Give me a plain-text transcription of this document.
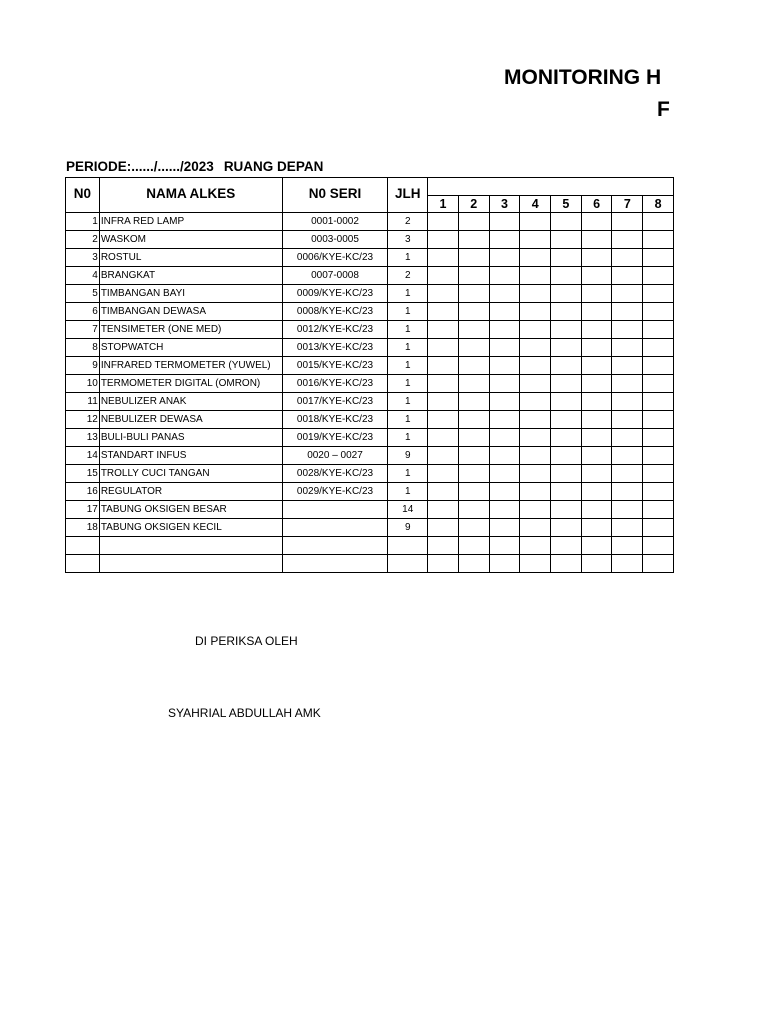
MONITORING H
F
PERIODE:....../....../2023 RUANG DEPAN
N0	NAMA ALKES	N0 SERI	JLH								
				1	2	3	4	5	6	7	8
1	INFRA RED LAMP	0001-0002	2								
2	WASKOM	0003-0005	3								
3	ROSTUL	0006/KYE-KC/23	1								
4	BRANGKAT	0007-0008	2								
5	TIMBANGAN BAYI	0009/KYE-KC/23	1								
6	TIMBANGAN DEWASA	0008/KYE-KC/23	1								
7	TENSIMETER (ONE MED)	0012/KYE-KC/23	1								
8	STOPWATCH	0013/KYE-KC/23	1								
9	INFRARED TERMOMETER (YUWEL)	0015/KYE-KC/23	1								
10	TERMOMETER DIGITAL (OMRON)	0016/KYE-KC/23	1								
11	NEBULIZER ANAK	0017/KYE-KC/23	1								
12	NEBULIZER DEWASA	0018/KYE-KC/23	1								
13	BULI-BULI PANAS	0019/KYE-KC/23	1								
14	STANDART INFUS	0020 – 0027	9								
15	TROLLY CUCI TANGAN	0028/KYE-KC/23	1								
16	REGULATOR	0029/KYE-KC/23	1								
17	TABUNG OKSIGEN BESAR		14								
18	TABUNG OKSIGEN KECIL		9								

DI PERIKSA OLEH
SYAHRIAL ABDULLAH AMK
